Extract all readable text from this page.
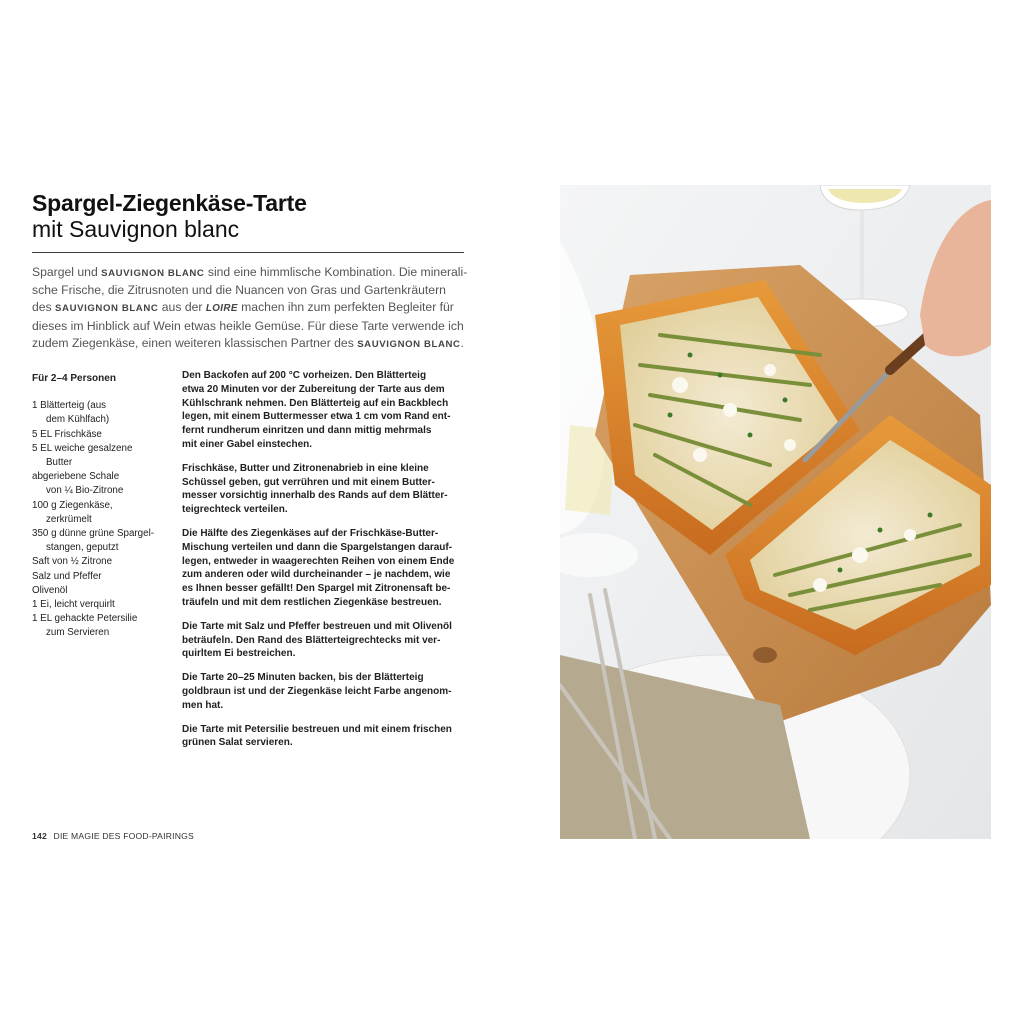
Spargel-Ziegenkäse-Tarte
mit Sauvignon blanc
Spargel und SAUVIGNON BLANC sind eine himmlische Kombination. Die minerali-
sche Frische, die Zitrusnoten und die Nuancen von Gras und Gartenkräutern
des SAUVIGNON BLANC aus der LOIRE machen ihn zum perfekten Begleiter für
dieses im Hinblick auf Wein etwas heikle Gemüse. Für diese Tarte verwende ich
zudem Ziegenkäse, einen weiteren klassischen Partner des SAUVIGNON BLANC.
Für 2–4 Personen
1 Blätterteig (aus
dem Kühlfach)
5 EL Frischkäse
5 EL weiche gesalzene
Butter
abgeriebene Schale
von ¼ Bio-Zitrone
100 g Ziegenkäse,
zerkrümelt
350 g dünne grüne Spargel-
stangen, geputzt
Saft von ½ Zitrone
Salz und Pfeffer
Olivenöl
1 Ei, leicht verquirlt
1 EL gehackte Petersilie
zum Servieren

Den Backofen auf 200 °C vorheizen. Den Blätterteig
etwa 20 Minuten vor der Zubereitung der Tarte aus dem
Kühlschrank nehmen. Den Blätterteig auf ein Backblech
legen, mit einem Buttermesser etwa 1 cm vom Rand ent-
fernt rundherum einritzen und dann mittig mehrmals
mit einer Gabel einstechen.

Frischkäse, Butter und Zitronenabrieb in eine kleine
Schüssel geben, gut verrühren und mit einem Butter-
messer vorsichtig innerhalb des Rands auf dem Blätter-
teigrechteck verteilen.

Die Hälfte des Ziegenkäses auf der Frischkäse-Butter-
Mischung verteilen und dann die Spargelstangen darauf-
legen, entweder in waagerechten Reihen von einem Ende
zum anderen oder wild durcheinander – je nachdem, wie
es Ihnen besser gefällt! Den Spargel mit Zitronensaft be-
träufeln und mit dem restlichen Ziegenkäse bestreuen.

Die Tarte mit Salz und Pfeffer bestreuen und mit Olivenöl
beträufeln. Den Rand des Blätterteigrechtecks mit ver-
quirltem Ei bestreichen.

Die Tarte 20–25 Minuten backen, bis der Blätterteig
goldbraun ist und der Ziegenkäse leicht Farbe angenom-
men hat.

Die Tarte mit Petersilie bestreuen und mit einem frischen
grünen Salat servieren.

142 DIE MAGIE DES FOOD-PAIRINGS
